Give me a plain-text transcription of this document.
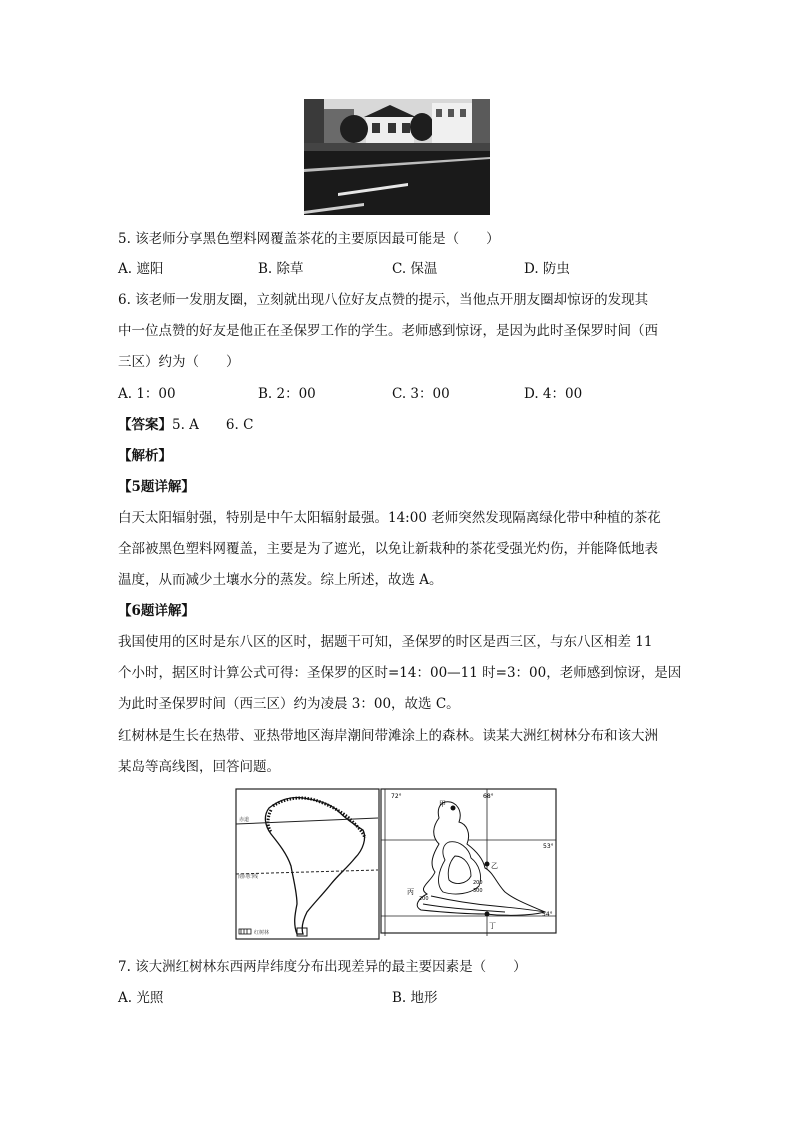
5. 该老师分享黑色塑料网覆盖茶花的主要原因最可能是（　　）
A. 遮阳	B. 除草	C. 保温	D. 防虫
6. 该老师一发朋友圈，立刻就出现八位好友点赞的提示，当他点开朋友圈却惊讶的发现其
中一位点赞的好友是他正在圣保罗工作的学生。老师感到惊讶，是因为此时圣保罗时间（西
三区）约为（　　）
A. 1：00	B. 2：00	C. 3：00	D. 4：00
【答案】5. A　　6. C
【解析】
【5题详解】
白天太阳辐射强，特别是中午太阳辐射最强。14:00 老师突然发现隔离绿化带中种植的茶花
全部被黑色塑料网覆盖，主要是为了遮光，以免让新栽种的茶花受强光灼伤，并能降低地表
温度，从而减少土壤水分的蒸发。综上所述，故选 A。
【6题详解】
我国使用的区时是东八区的区时，据题干可知，圣保罗的时区是西三区，与东八区相差 11
个小时，据区时计算公式可得：圣保罗的区时=14：00—11 时=3：00，老师感到惊讶，是因
为此时圣保罗时间（西三区）约为凌晨 3：00，故选 C。
红树林是生长在热带、亚热带地区海岸潮间带滩涂上的森林。读某大洲红树林分布和该大洲
某岛等高线图，回答问题。
赤道
南回归线
红树林
72°	68°
53°
54°
甲
乙
丙
丁
200
300
200
7. 该大洲红树林东西两岸纬度分布出现差异的最主要因素是（　　）
A. 光照	B. 地形
